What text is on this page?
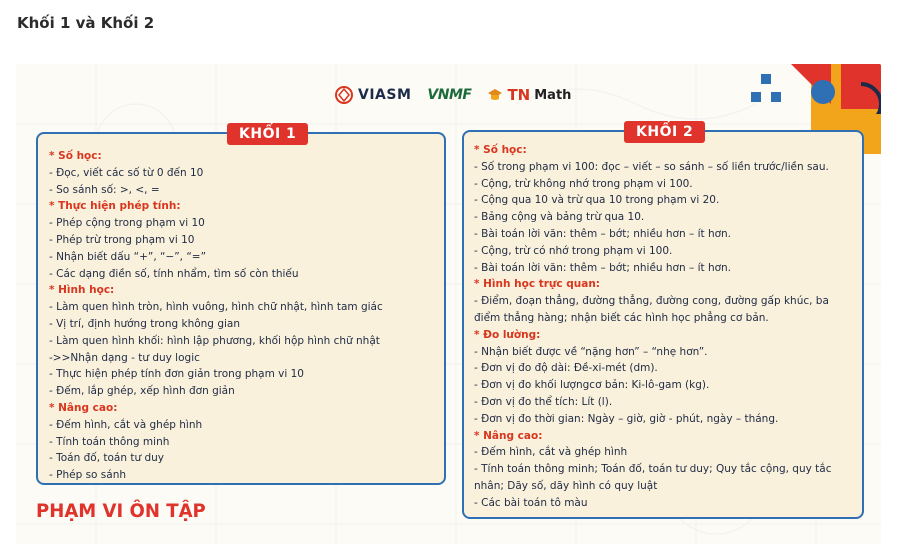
Khối 1 và Khối 2
VIASM VNMF TN Math
KHỐI 1
* Số học:
- Đọc, viết các số từ 0 đến 10
- So sánh số: >, <, =
* Thực hiện phép tính:
- Phép cộng trong phạm vi 10
- Phép trừ trong phạm vi 10
- Nhận biết dấu “+”, “−”, “=”
- Các dạng điền số, tính nhẩm, tìm số còn thiếu
* Hình học:
- Làm quen hình tròn, hình vuông, hình chữ nhật, hình tam giác
- Vị trí, định hướng trong không gian
- Làm quen hình khối: hình lập phương, khối hộp hình chữ nhật
->>Nhận dạng - tư duy logic
- Thực hiện phép tính đơn giản trong phạm vi 10
- Đếm, lắp ghép, xếp hình đơn giản
* Nâng cao:
- Đếm hình, cắt và ghép hình
- Tính toán thông minh
- Toán đố, toán tư duy
- Phép so sánh
KHỐI 2
* Số học:
- Số trong phạm vi 100: đọc – viết – so sánh – số liền trước/liền sau.
- Cộng, trừ không nhớ trong phạm vi 100.
- Cộng qua 10 và trừ qua 10 trong phạm vi 20.
- Bảng cộng và bảng trừ qua 10.
- Bài toán lời văn: thêm – bớt; nhiều hơn – ít hơn.
- Cộng, trừ có nhớ trong phạm vi 100.
- Bài toán lời văn: thêm – bớt; nhiều hơn – ít hơn.
* Hình học trực quan:
- Điểm, đoạn thẳng, đường thẳng, đường cong, đường gấp khúc, ba điểm thẳng hàng; nhận biết các hình học phẳng cơ bản.
* Đo lường:
- Nhận biết được về “nặng hơn” – “nhẹ hơn”.
- Đơn vị đo độ dài: Đề-xi-mét (dm).
- Đơn vị đo khối lượngcơ bản: Ki-lô-gam (kg).
- Đơn vị đo thể tích: Lít (l).
- Đơn vị đo thời gian: Ngày – giờ, giờ - phút, ngày – tháng.
* Nâng cao:
- Đếm hình, cắt và ghép hình
- Tính toán thông minh; Toán đố, toán tư duy; Quy tắc cộng, quy tắc nhân; Dãy số, dãy hình có quy luật
- Các bài toán tô màu
PHẠM VI ÔN TẬP
